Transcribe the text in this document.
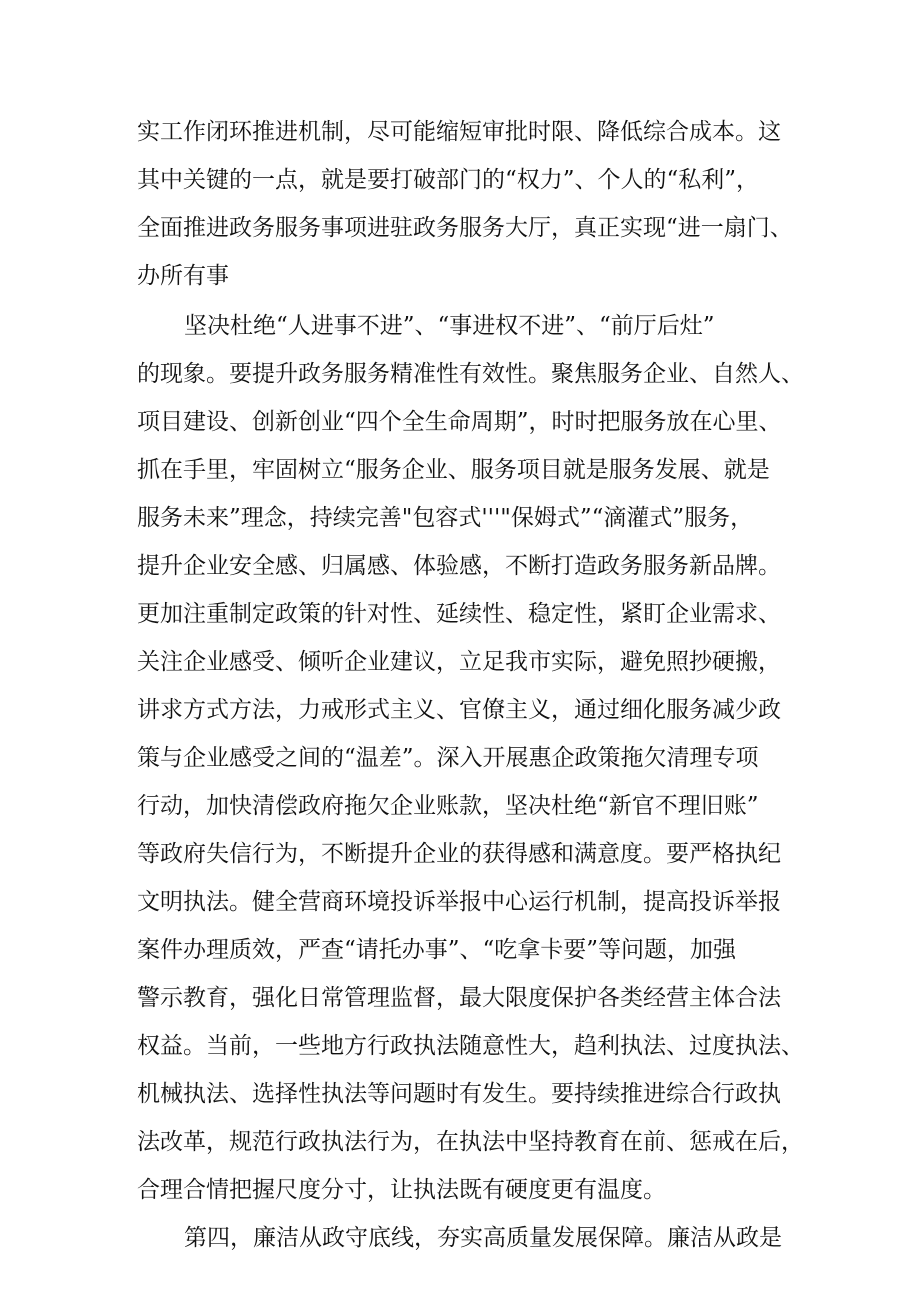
实工作闭环推进机制，尽可能缩短审批时限、降低综合成本。这
其中关键的一点，就是要打破部门的“权力”、个人的“私利”，
全面推进政务服务事项进驻政务服务大厅，真正实现“进一扇门、
办所有事
坚决杜绝“人进事不进”、“事进权不进”、“前厅后灶”
的现象。要提升政务服务精准性有效性。聚焦服务企业、自然人、
项目建设、创新创业“四个全生命周期”，时时把服务放在心里、
抓在手里，牢固树立“服务企业、服务项目就是服务发展、就是
服务未来”理念，持续完善"包容式'''"保姆式”“滴灌式”服务，
提升企业安全感、归属感、体验感，不断打造政务服务新品牌。
更加注重制定政策的针对性、延续性、稳定性，紧盯企业需求、
关注企业感受、倾听企业建议，立足我市实际，避免照抄硬搬，
讲求方式方法，力戒形式主义、官僚主义，通过细化服务减少政
策与企业感受之间的“温差”。深入开展惠企政策拖欠清理专项
行动，加快清偿政府拖欠企业账款，坚决杜绝“新官不理旧账”
等政府失信行为，不断提升企业的获得感和满意度。要严格执纪
文明执法。健全营商环境投诉举报中心运行机制，提高投诉举报
案件办理质效，严查“请托办事”、“吃拿卡要”等问题，加强
警示教育，强化日常管理监督，最大限度保护各类经营主体合法
权益。当前，一些地方行政执法随意性大，趋利执法、过度执法、
机械执法、选择性执法等问题时有发生。要持续推进综合行政执
法改革，规范行政执法行为，在执法中坚持教育在前、惩戒在后，
合理合情把握尺度分寸，让执法既有硬度更有温度。
第四，廉洁从政守底线，夯实高质量发展保障。廉洁从政是
